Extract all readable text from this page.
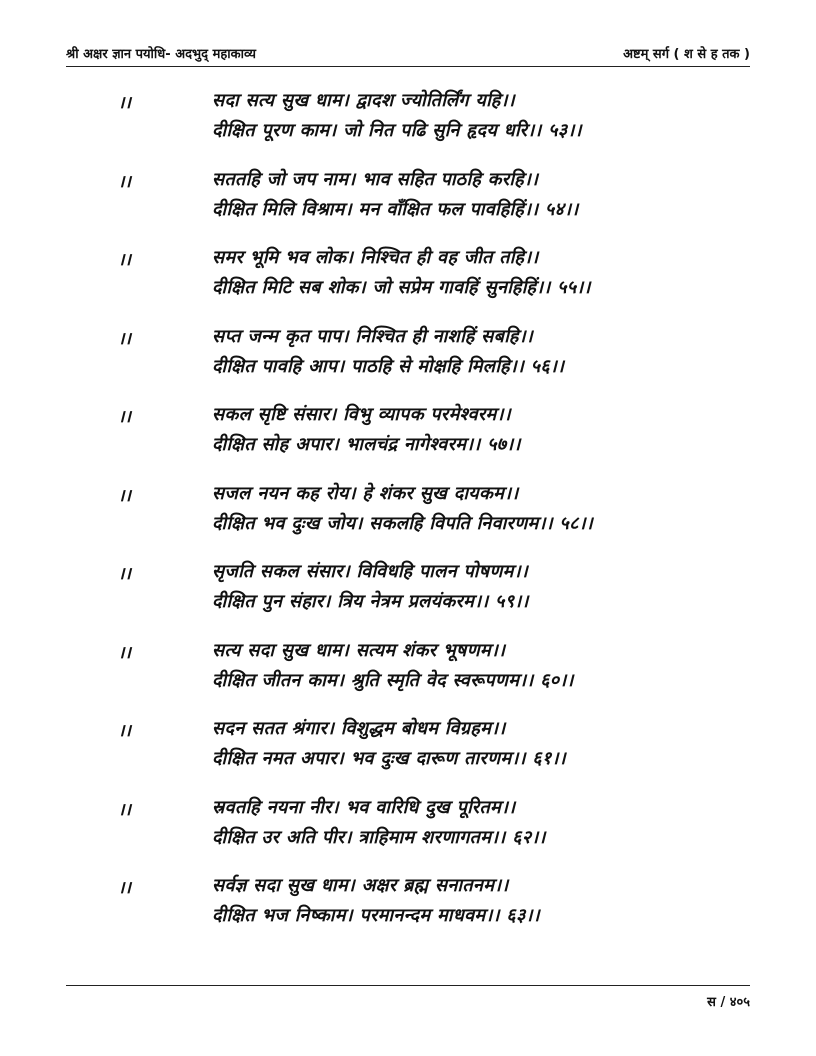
श्री अक्षर ज्ञान पयोधि- अदभुद् महाकाव्य	अष्टम् सर्ग ( श से ह तक )
।।	सदा सत्य सुख धाम। द्वादश ज्योतिर्लिंग यहि।।
दीक्षित पूरण काम। जो नित पढि सुनि हृदय धरि।। ५३।।
।।	सततहि जो जप नाम। भाव सहित पाठहि करहि।।
दीक्षित मिलि विश्राम। मन वाँक्षित फल पावहिहिं।। ५४।।
।।	समर भूमि भव लोक। निश्चित ही वह जीत तहि।।
दीक्षित मिटि सब शोक। जो सप्रेम गावहिं सुनहिहिं।। ५५।।
।।	सप्त जन्म कृत पाप। निश्चित ही नाशहिं सबहि।।
दीक्षित पावहि आप। पाठहि से मोक्षहि मिलहि।। ५६।।
।।	सकल सृष्टि संसार। विभु व्यापक परमेश्वरम।।
दीक्षित सोह अपार। भालचंद्र नागेश्वरम।। ५७।।
।।	सजल नयन कह रोय। हे शंकर सुख दायकम।।
दीक्षित भव दुःख जोय। सकलहि विपति निवारणम।। ५८।।
।।	सृजति सकल संसार। विविधहि पालन पोषणम।।
दीक्षित पुन संहार। त्रिय नेत्रम प्रलयंकरम।। ५९।।
।।	सत्य सदा सुख धाम। सत्यम शंकर भूषणम।।
दीक्षित जीतन काम। श्रुति स्मृति वेद स्वरूपणम।। ६०।।
।।	सदन सतत श्रंगार। विशुद्धम बोधम विग्रहम।।
दीक्षित नमत अपार। भव दुःख दारूण तारणम।। ६१।।
।।	स्रवतहि नयना नीर। भव वारिधि दुख पूरितम।।
दीक्षित उर अति पीर। त्राहिमाम शरणागतम।। ६२।।
।।	सर्वज्ञ सदा सुख धाम। अक्षर ब्रह्म सनातनम।।
दीक्षित भज निष्काम। परमानन्दम माधवम।। ६३।।
स / ४०५
